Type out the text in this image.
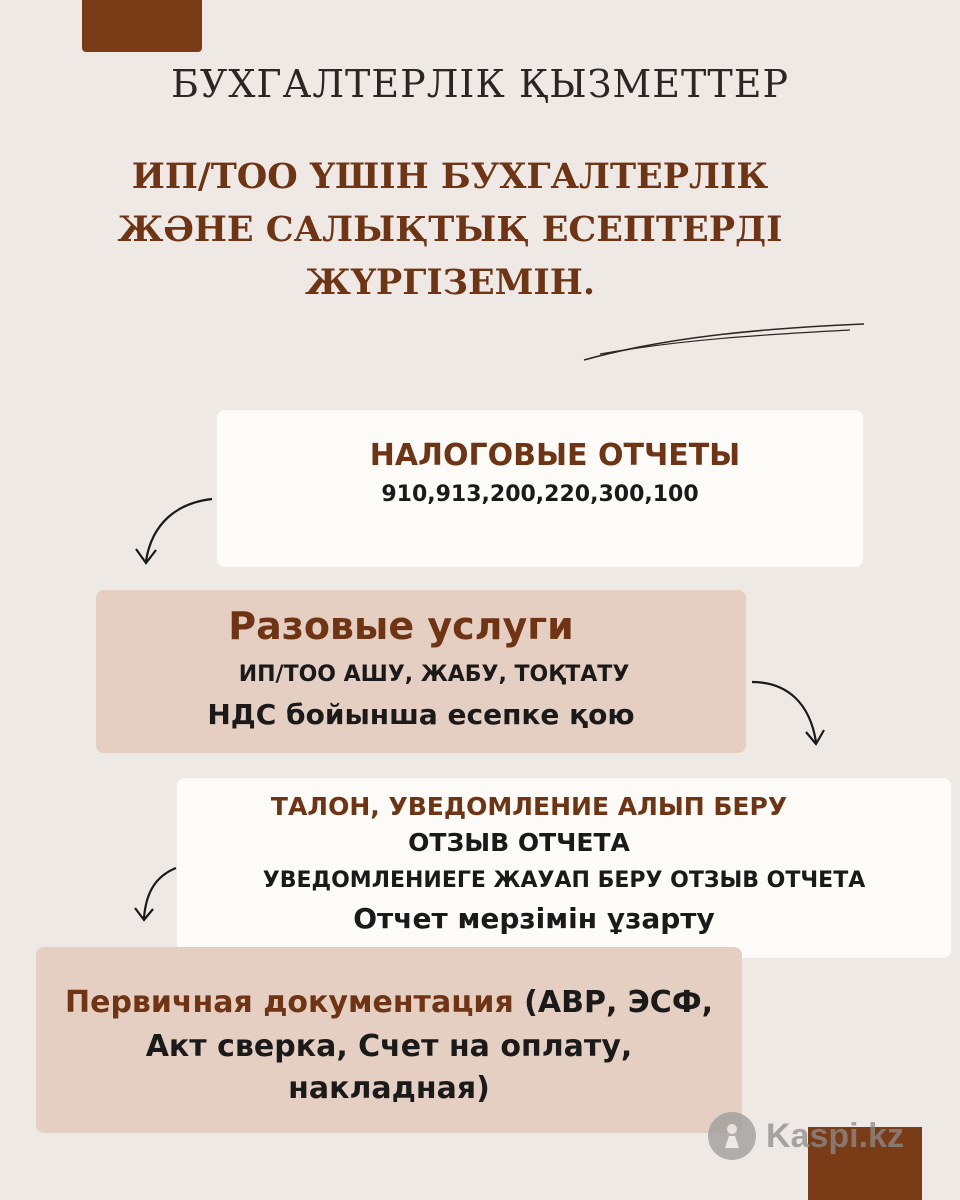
БУХГАЛТЕРЛІК ҚЫЗМЕТТЕР
ИП/ТОО ҮШІН БУХГАЛТЕРЛІК
ЖӘНЕ САЛЫҚТЫҚ ЕСЕПТЕРДІ
ЖҮРГІЗЕМІН.
НАЛОГОВЫЕ ОТЧЕТЫ
910,913,200,220,300,100
Разовые услуги
ИП/ТОО АШУ, ЖАБУ, ТОҚТАТУ
НДС бойынша есепке қою
ТАЛОН, УВЕДОМЛЕНИЕ АЛЫП БЕРУ
ОТЗЫВ ОТЧЕТА
УВЕДОМЛЕНИЕГЕ ЖАУАП БЕРУ ОТЗЫВ ОТЧЕТА
Отчет мерзімін ұзарту
Первичная документация (АВР, ЭСФ,
Акт сверка, Счет на оплату,
накладная)
Kaspi.kz
